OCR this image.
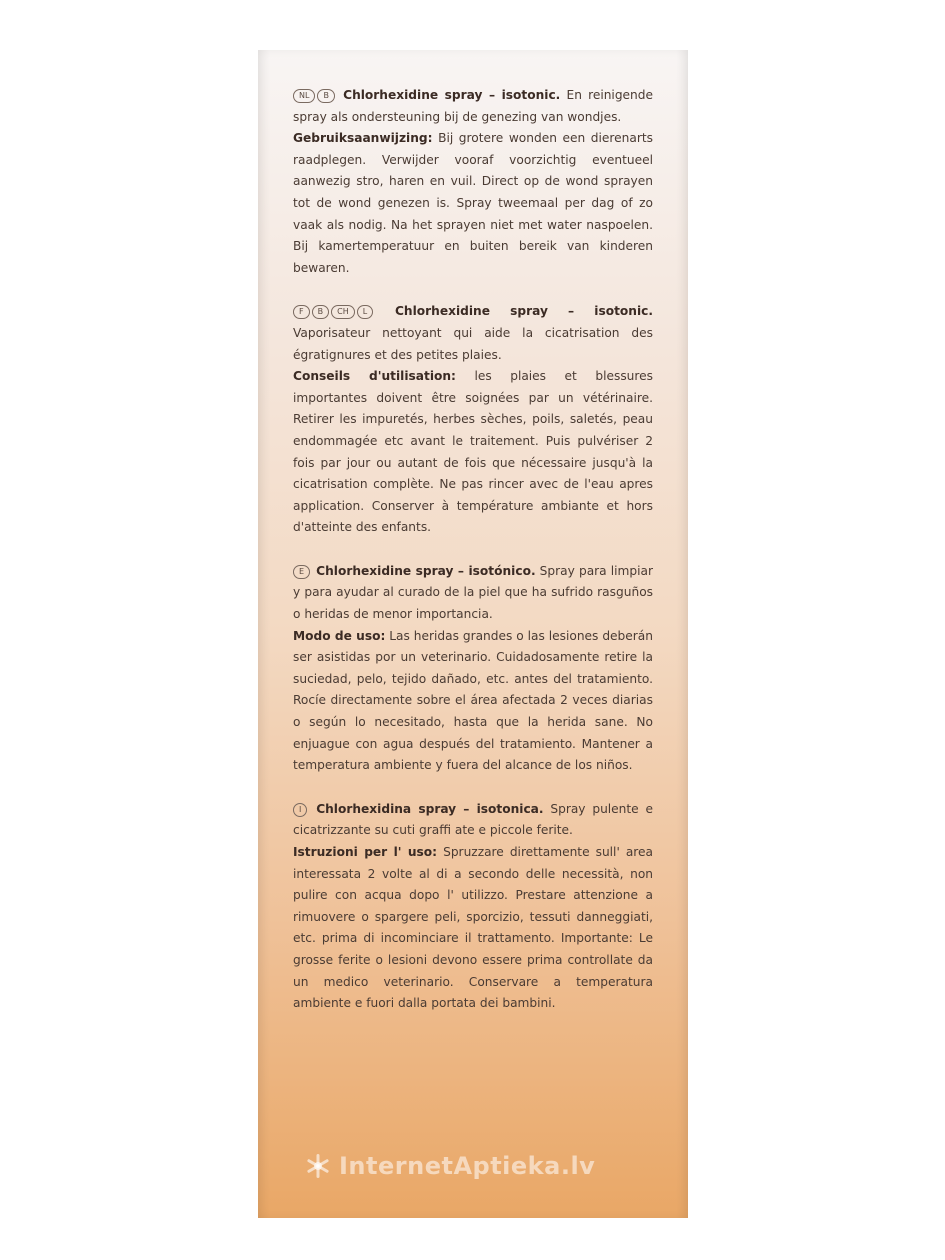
NL B Chlorhexidine spray – isotonic. En reinigende spray als ondersteuning bij de genezing van wondjes.
Gebruiksaanwijzing: Bij grotere wonden een dierenarts raadplegen. Verwijder vooraf voorzichtig eventueel aanwezig stro, haren en vuil. Direct op de wond sprayen tot de wond genezen is. Spray tweemaal per dag of zo vaak als nodig. Na het sprayen niet met water naspoelen. Bij kamertemperatuur en buiten bereik van kinderen bewaren.
F B CH L Chlorhexidine spray – isotonic. Vaporisateur nettoyant qui aide la cicatrisation des égratignures et des petites plaies.
Conseils d'utilisation: les plaies et blessures importantes doivent être soignées par un vétérinaire. Retirer les impuretés, herbes sèches, poils, saletés, peau endommagée etc avant le traitement. Puis pulvériser 2 fois par jour ou autant de fois que nécessaire jusqu'à la cicatrisation complète. Ne pas rincer avec de l'eau apres application. Conserver à température ambiante et hors d'atteinte des enfants.
E Chlorhexidine spray – isotónico. Spray para limpiar y para ayudar al curado de la piel que ha sufrido rasguños o heridas de menor importancia.
Modo de uso: Las heridas grandes o las lesiones deberán ser asistidas por un veterinario. Cuidadosamente retire la suciedad, pelo, tejido dañado, etc. antes del tratamiento. Rocíe directamente sobre el área afectada 2 veces diarias o según lo necesitado, hasta que la herida sane. No enjuague con agua después del tratamiento. Mantener a temperatura ambiente y fuera del alcance de los niños.
I Chlorhexidina spray – isotonica. Spray pulente e cicatrizzante su cuti graffi ate e piccole ferite.
Istruzioni per l' uso: Spruzzare direttamente sull' area interessata 2 volte al di a secondo delle necessità, non pulire con acqua dopo l' utilizzo. Prestare attenzione a rimuovere o spargere peli, sporcizio, tessuti danneggiati, etc. prima di incominciare il trattamento. Importante: Le grosse ferite o lesioni devono essere prima controllate da un medico veterinario. Conservare a temperatura ambiente e fuori dalla portata dei bambini.
InternetAptieka.lv
